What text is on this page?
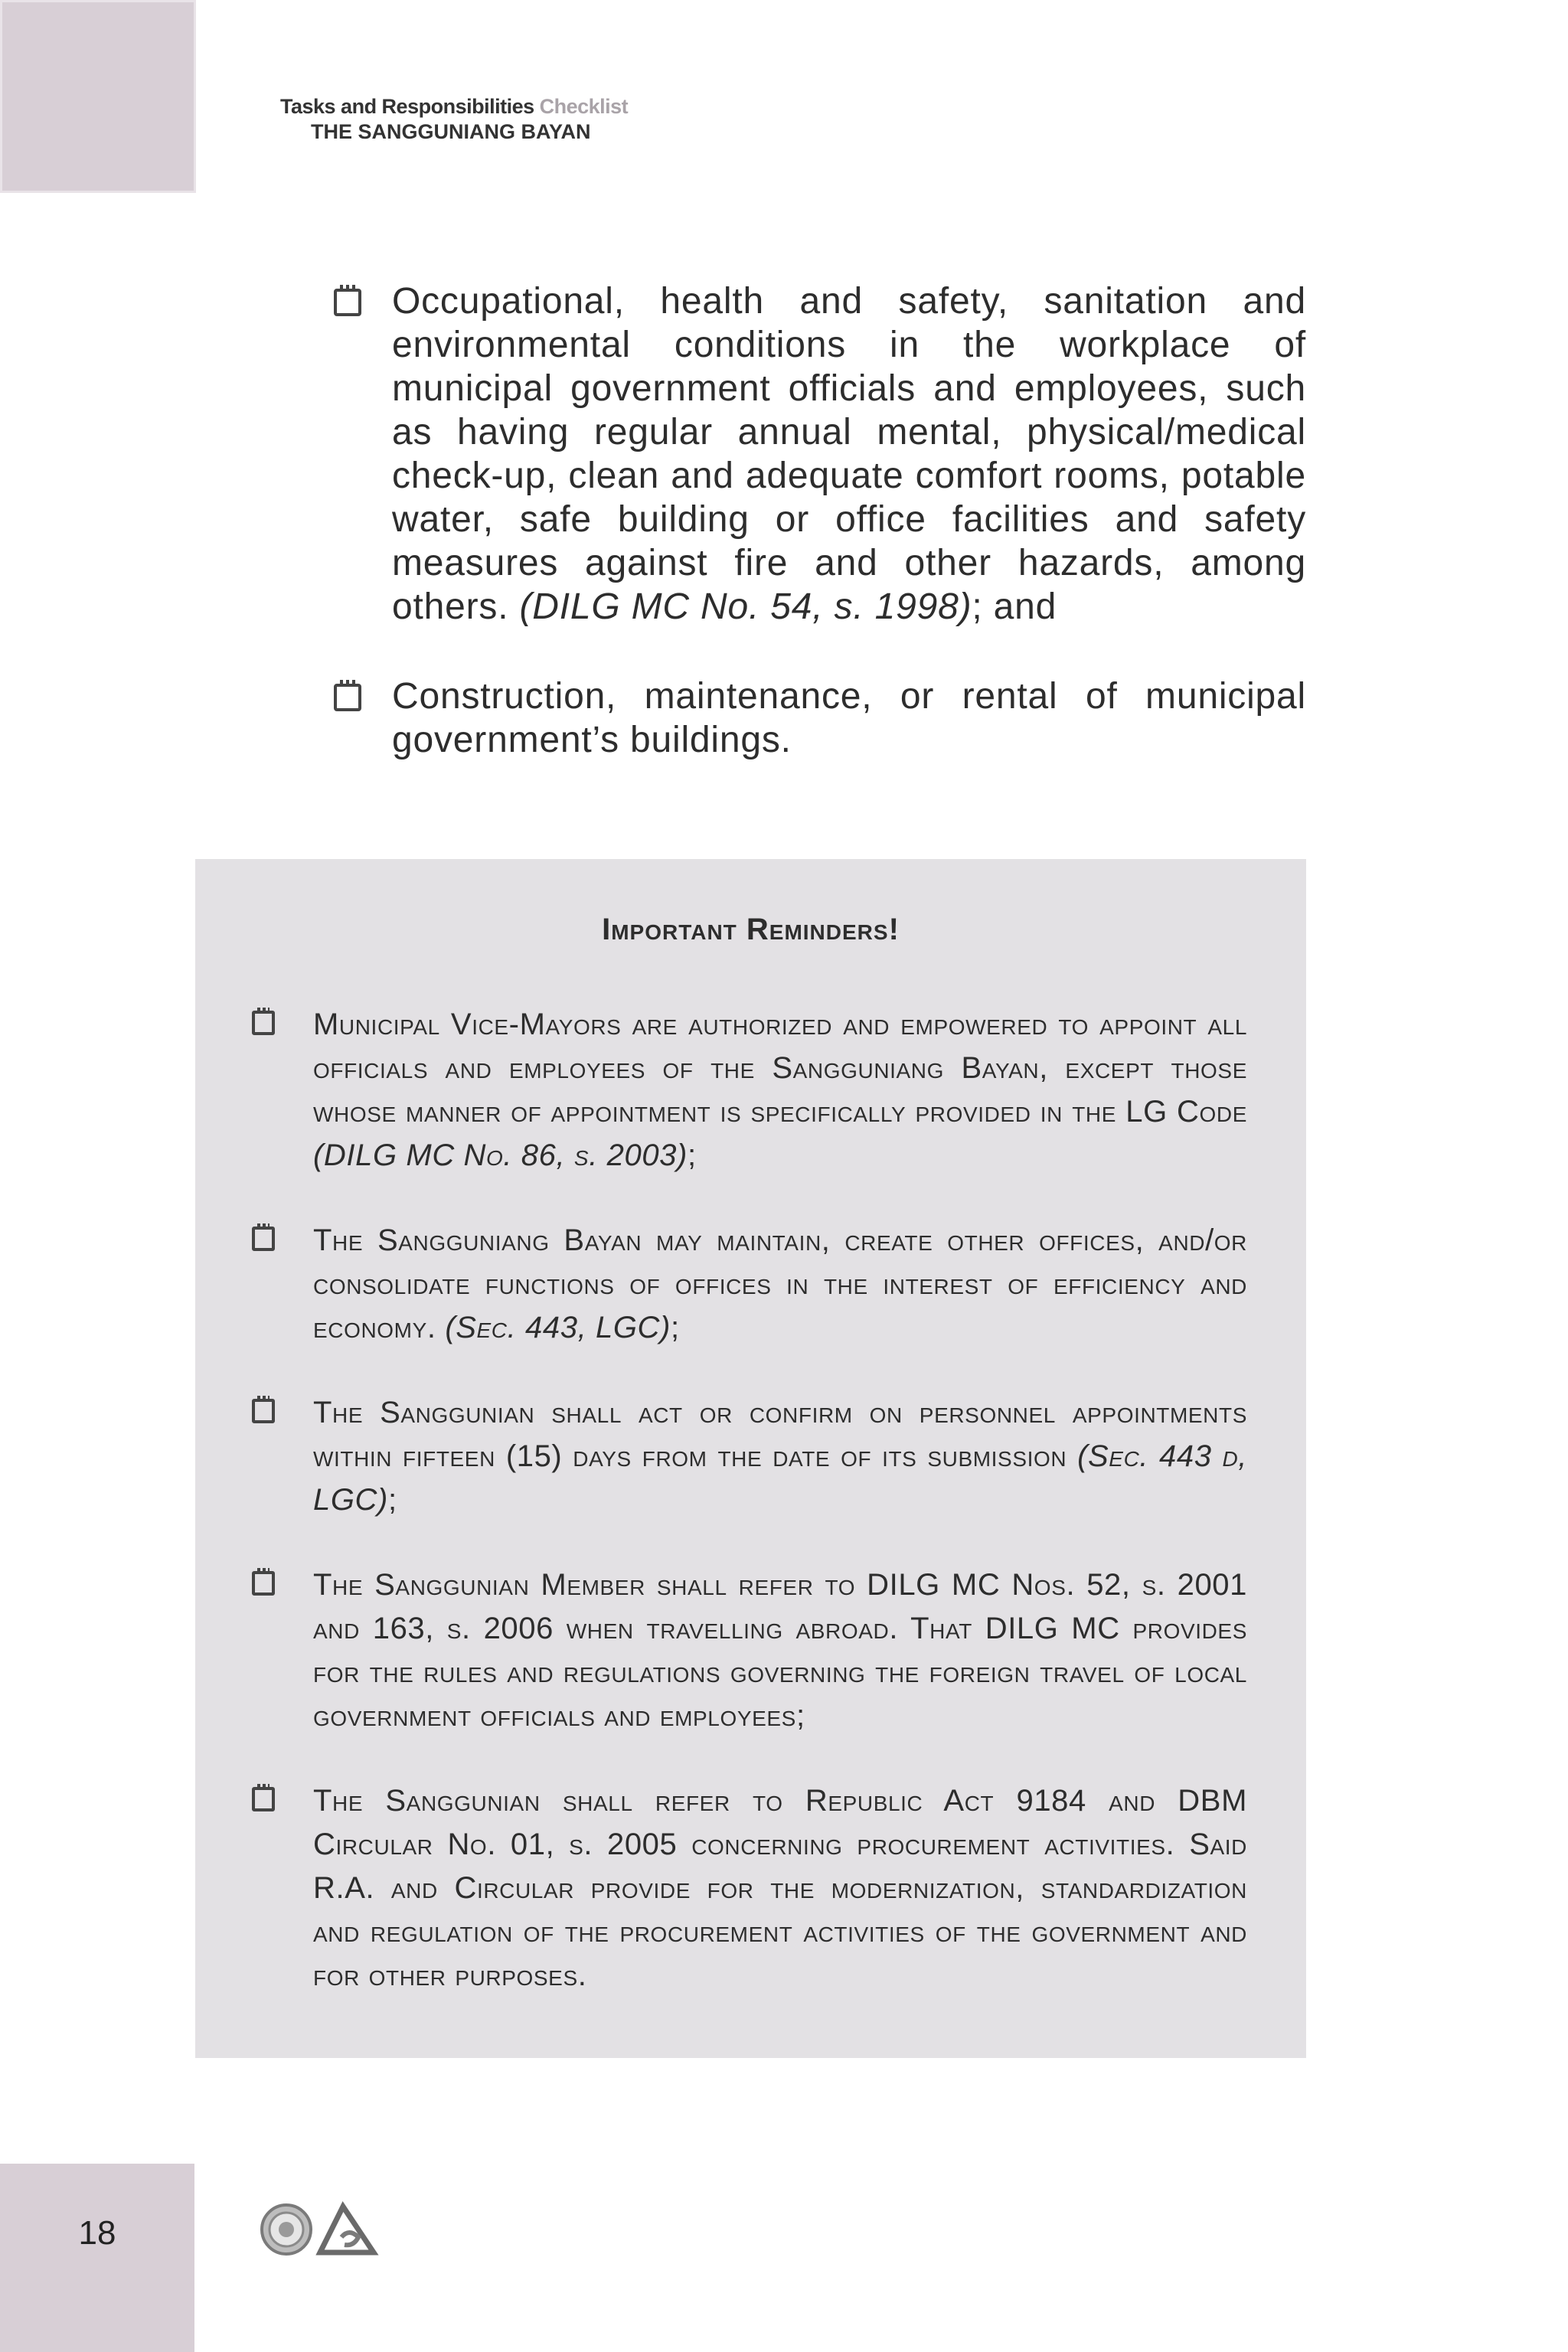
Tasks and Responsibilities Checklist
THE SANGGUNIANG BAYAN
Occupational, health and safety, sanitation and environmental conditions in the workplace of municipal government officials and employees, such as having regular annual mental, physical/medical check-up, clean and adequate comfort rooms, potable water, safe building or office facilities and safety measures against fire and other hazards, among others. (DILG MC No. 54, s. 1998); and
Construction, maintenance, or rental of municipal government’s buildings.
Important Reminders!
Municipal Vice-Mayors are authorized and empowered to appoint all officials and employees of the Sangguniang Bayan, except those whose manner of appointment is specifically provided in the LG Code (DILG MC No. 86, s. 2003);
The Sangguniang Bayan may maintain, create other offices, and/or consolidate functions of offices in the interest of efficiency and economy. (Sec. 443, LGC);
The Sanggunian shall act or confirm on personnel appointments within fifteen (15) days from the date of its submission (Sec. 443 d, LGC);
The Sanggunian Member shall refer to DILG MC Nos. 52, s. 2001 and 163, s. 2006 when travelling abroad. That DILG MC provides for the rules and regulations governing the foreign travel of local government officials and employees;
The Sanggunian shall refer to Republic Act 9184 and DBM Circular No. 01, s. 2005 concerning procurement activities. Said R.A. and Circular provide for the modernization, standardization and regulation of the procurement activities of the government and for other purposes.
18
